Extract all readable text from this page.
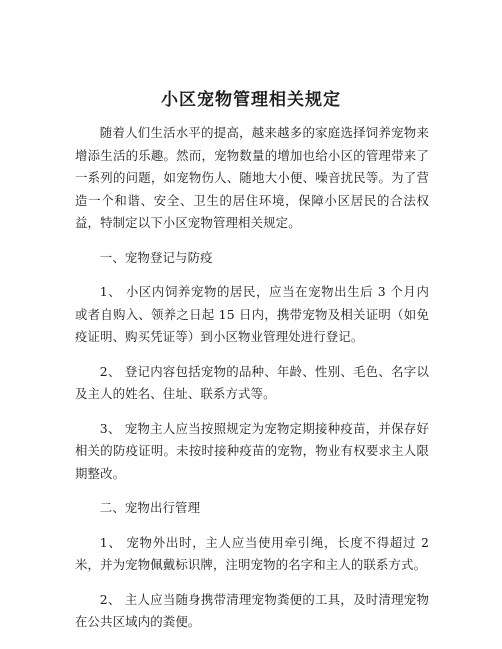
小区宠物管理相关规定

随着人们生活水平的提高，越来越多的家庭选择饲养宠物来增添生活的乐趣。然而，宠物数量的增加也给小区的管理带来了一系列的问题，如宠物伤人、随地大小便、噪音扰民等。为了营造一个和谐、安全、卫生的居住环境，保障小区居民的合法权益，特制定以下小区宠物管理相关规定。

一、宠物登记与防疫

1、 小区内饲养宠物的居民，应当在宠物出生后 3 个月内或者自购入、领养之日起 15 日内，携带宠物及相关证明（如免疫证明、购买凭证等）到小区物业管理处进行登记。

2、 登记内容包括宠物的品种、年龄、性别、毛色、名字以及主人的姓名、住址、联系方式等。

3、 宠物主人应当按照规定为宠物定期接种疫苗，并保存好相关的防疫证明。未按时接种疫苗的宠物，物业有权要求主人限期整改。

二、宠物出行管理

1、 宠物外出时，主人应当使用牵引绳，长度不得超过 2 米，并为宠物佩戴标识牌，注明宠物的名字和主人的联系方式。

2、 主人应当随身携带清理宠物粪便的工具，及时清理宠物在公共区域内的粪便。
